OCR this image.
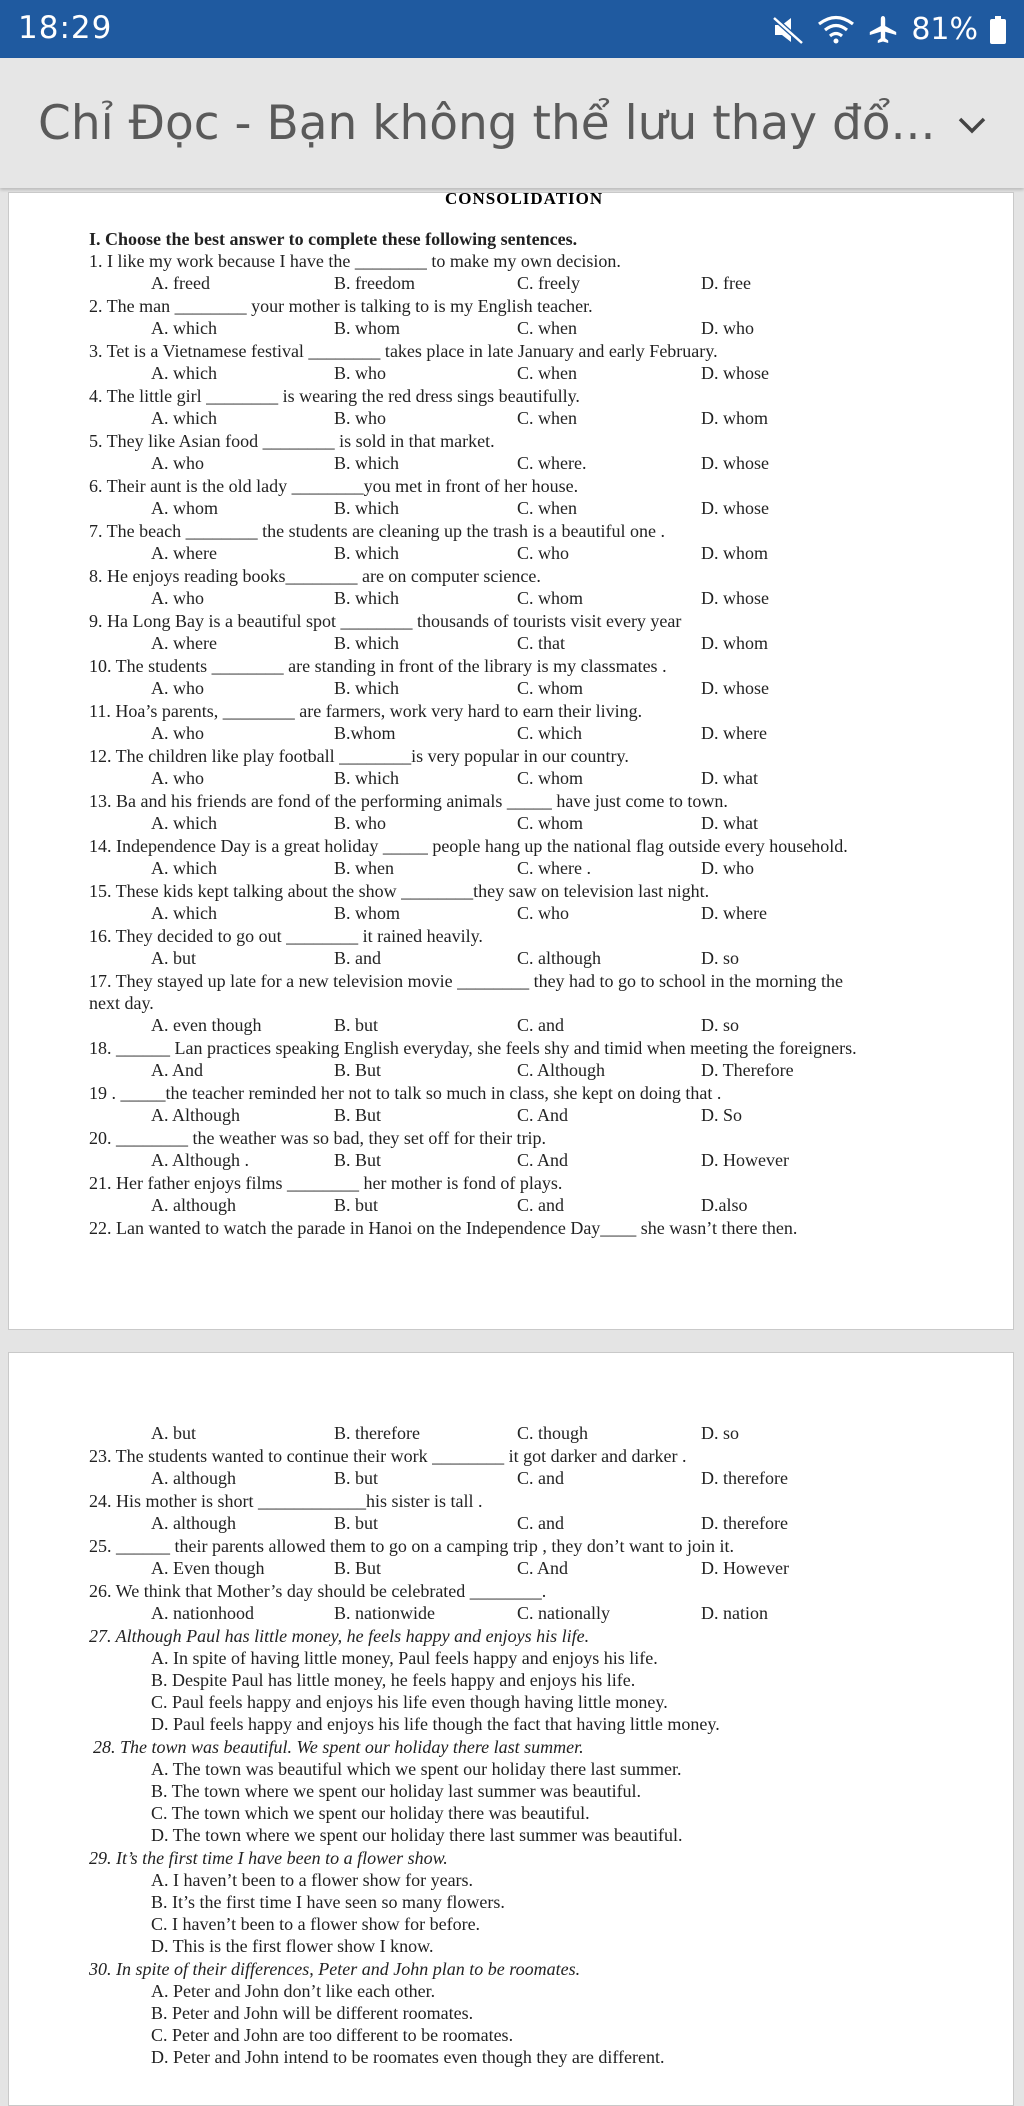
18:29	81%
Chỉ Đọc - Bạn không thể lưu thay đổ...
CONSOLIDATION
I. Choose the best answer to complete these following sentences.
1. I like my work because I have the ________ to make my own decision.
A. freed	B. freedom	C. freely	D. free
2. The man ________ your mother is talking to is my English teacher.
A. which	B. whom	C. when	D. who
3. Tet is a Vietnamese festival ________ takes place in late January and early February.
A. which	B. who	C. when	D. whose
4. The little girl ________ is wearing the red dress sings beautifully.
A. which	B. who	C. when	D. whom
5. They like Asian food ________ is sold in that market.
A. who	B. which	C. where.	D. whose
6. Their aunt is the old lady ________you met in front of her house.
A. whom	B. which	C. when	D. whose
7. The beach ________ the students are cleaning up the trash is a beautiful one .
A. where	B. which	C. who	D. whom
8. He enjoys reading books________ are on computer science.
A. who	B. which	C. whom	D. whose
9. Ha Long Bay is a beautiful spot ________ thousands of tourists visit every year
A. where	B. which	C. that	D. whom
10. The students ________ are standing in front of the library is my classmates .
A. who	B. which	C. whom	D. whose
11. Hoa’s parents, ________ are farmers, work very hard to earn their living.
A. who	B.whom	C. which	D. where
12. The children like play football ________is very popular in our country.
A. who	B. which	C. whom	D. what
13. Ba and his friends are fond of the performing animals _____ have just come to town.
A. which	B. who	C. whom	D. what
14. Independence Day is a great holiday _____ people hang up the national flag outside every household.
A. which	B. when	C. where .	D. who
15. These kids kept talking about the show ________they saw on television last night.
A. which	B. whom	C. who	D. where
16. They decided to go out ________ it rained heavily.
A. but	B. and	C. although	D. so
17. They stayed up late for a new television movie ________ they had to go to school in the morning the
next day.
A. even though	B. but	C. and	D. so
18. ______ Lan practices speaking English everyday, she feels shy and timid when meeting the foreigners.
A. And	B. But	C. Although	D. Therefore
19 . _____the teacher reminded her not to talk so much in class, she kept on doing that .
A. Although	B. But	C. And	D. So
20. ________ the weather was so bad, they set off for their trip.
A. Although .	B. But	C. And	D. However
21. Her father enjoys films ________ her mother is fond of plays.
A. although	B. but	C. and	D.also
22. Lan wanted to watch the parade in Hanoi on the Independence Day____ she wasn’t there then.
A. but	B. therefore	C. though	D. so
23. The students wanted to continue their work ________ it got darker and darker .
A. although	B. but	C. and	D. therefore
24. His mother is short ____________his sister is tall .
A. although	B. but	C. and	D. therefore
25. ______ their parents allowed them to go on a camping trip , they don’t want to join it.
A. Even though	B. But	C. And	D. However
26. We think that Mother’s day should be celebrated ________.
A. nationhood	B. nationwide	C. nationally	D. nation
27. Although Paul has little money, he feels happy and enjoys his life.
A. In spite of having little money, Paul feels happy and enjoys his life.
B. Despite Paul has little money, he feels happy and enjoys his life.
C. Paul feels happy and enjoys his life even though having little money.
D. Paul feels happy and enjoys his life though the fact that having little money.
28. The town was beautiful. We spent our holiday there last summer.
A. The town was beautiful which we spent our holiday there last summer.
B. The town where we spent our holiday last summer was beautiful.
C. The town which we spent our holiday there was beautiful.
D. The town where we spent our holiday there last summer was beautiful.
29. It’s the first time I have been to a flower show.
A. I haven’t been to a flower show for years.
B. It’s the first time I have seen so many flowers.
C. I haven’t been to a flower show for before.
D. This is the first flower show I know.
30. In spite of their differences, Peter and John plan to be roomates.
A. Peter and John don’t like each other.
B. Peter and John will be different roomates.
C. Peter and John are too different to be roomates.
D. Peter and John intend to be roomates even though they are different.
